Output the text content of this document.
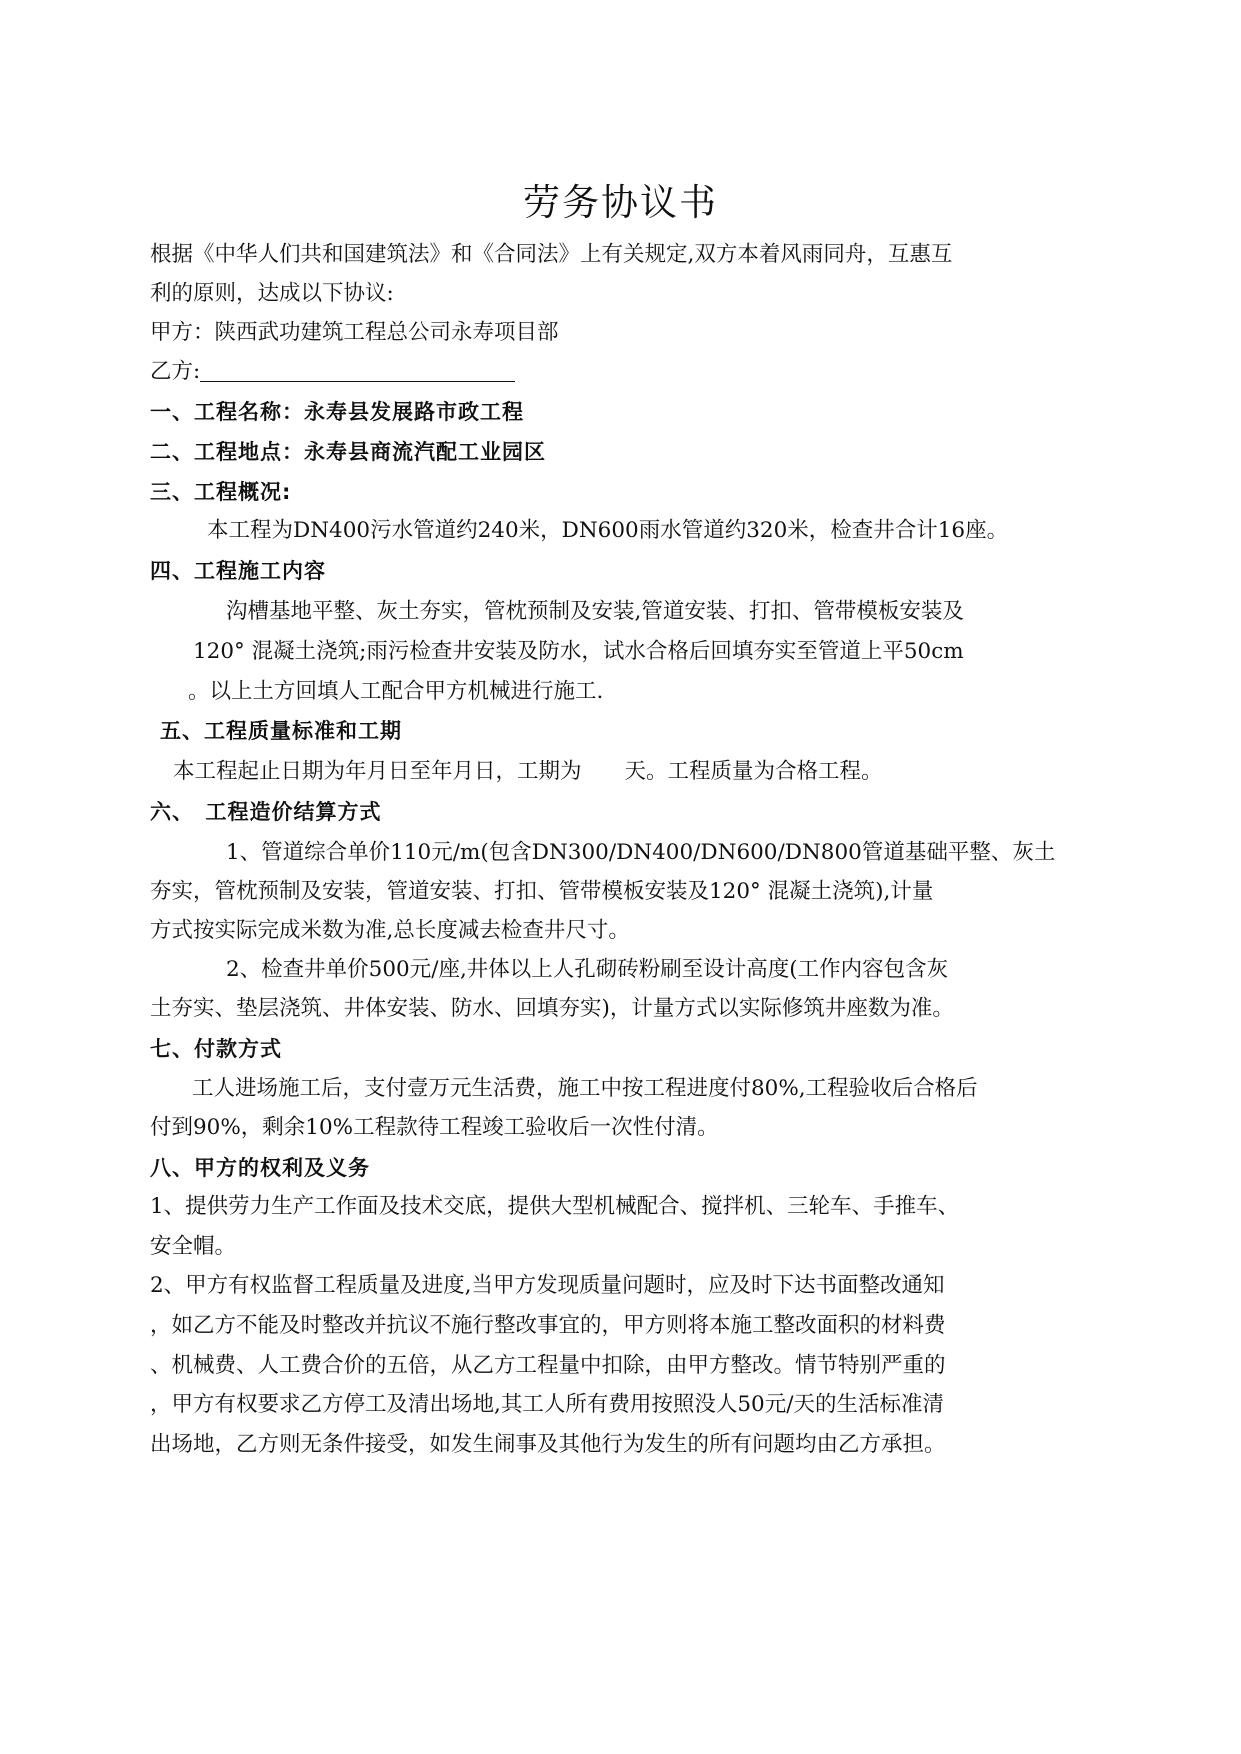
劳务协议书
根据《中华人们共和国建筑法》和《合同法》上有关规定,双方本着风雨同舟，互惠互
利的原则，达成以下协议:
甲方：陕西武功建筑工程总公司永寿项目部
乙方:
一、工程名称：永寿县发展路市政工程
二、工程地点：永寿县商流汽配工业园区
三、工程概况:
本工程为DN400污水管道约240米，DN600雨水管道约320米，检查井合计16座。
四、工程施工内容
沟槽基地平整、灰土夯实，管枕预制及安装,管道安装、打扣、管带模板安装及
120° 混凝土浇筑;雨污检查井安装及防水，试水合格后回填夯实至管道上平50cm
。以上土方回填人工配合甲方机械进行施工.
五、工程质量标准和工期
本工程起止日期为年月日至年月日，工期为　　天。工程质量为合格工程。
六、　工程造价结算方式
1、管道综合单价110元/m(包含DN300/DN400/DN600/DN800管道基础平整、灰土
夯实，管枕预制及安装，管道安装、打扣、管带模板安装及120° 混凝土浇筑),计量
方式按实际完成米数为准,总长度减去检查井尺寸。
2、检查井单价500元/座,井体以上人孔砌砖粉刷至设计高度(工作内容包含灰
土夯实、垫层浇筑、井体安装、防水、回填夯实)，计量方式以实际修筑井座数为准。
七、付款方式
工人进场施工后，支付壹万元生活费，施工中按工程进度付80%,工程验收后合格后
付到90%，剩余10%工程款待工程竣工验收后一次性付清。
八、甲方的权利及义务
1、提供劳力生产工作面及技术交底，提供大型机械配合、搅拌机、三轮车、手推车、
安全帽。
2、甲方有权监督工程质量及进度,当甲方发现质量问题时，应及时下达书面整改通知
，如乙方不能及时整改并抗议不施行整改事宜的，甲方则将本施工整改面积的材料费
、机械费、人工费合价的五倍，从乙方工程量中扣除，由甲方整改。情节特别严重的
，甲方有权要求乙方停工及清出场地,其工人所有费用按照没人50元/天的生活标准清
出场地，乙方则无条件接受，如发生闹事及其他行为发生的所有问题均由乙方承担。
